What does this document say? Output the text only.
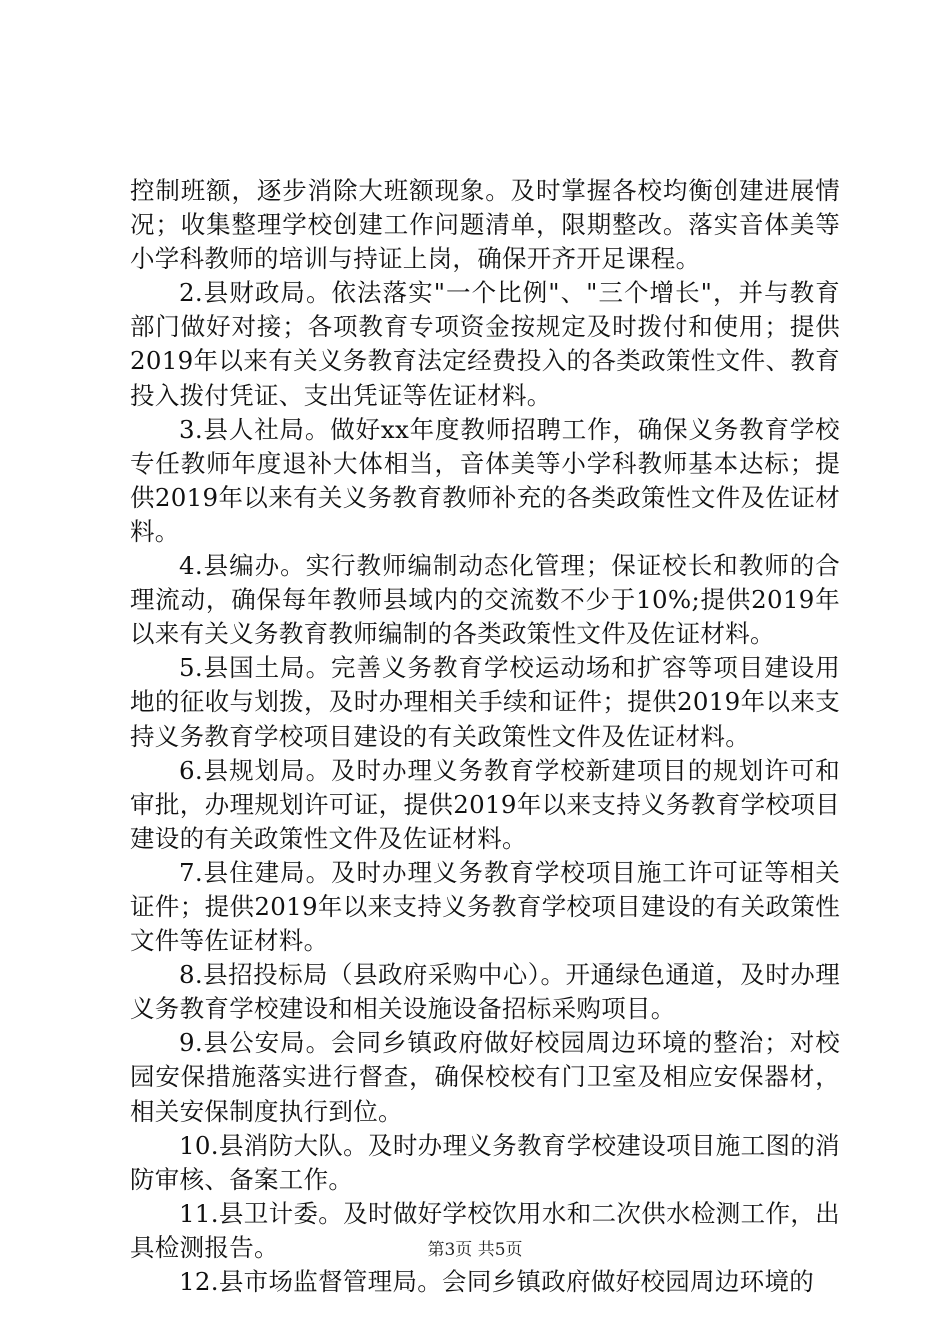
控制班额，逐步消除大班额现象。及时掌握各校均衡创建进展情况；收集整理学校创建工作问题清单，限期整改。落实音体美等小学科教师的培训与持证上岗，确保开齐开足课程。

2.县财政局。依法落实"一个比例"、"三个增长"，并与教育部门做好对接；各项教育专项资金按规定及时拨付和使用；提供2019年以来有关义务教育法定经费投入的各类政策性文件、教育投入拨付凭证、支出凭证等佐证材料。

3.县人社局。做好xx年度教师招聘工作，确保义务教育学校专任教师年度退补大体相当，音体美等小学科教师基本达标；提供2019年以来有关义务教育教师补充的各类政策性文件及佐证材料。

4.县编办。实行教师编制动态化管理；保证校长和教师的合理流动，确保每年教师县域内的交流数不少于10%;提供2019年以来有关义务教育教师编制的各类政策性文件及佐证材料。

5.县国土局。完善义务教育学校运动场和扩容等项目建设用地的征收与划拨，及时办理相关手续和证件；提供2019年以来支持义务教育学校项目建设的有关政策性文件及佐证材料。

6.县规划局。及时办理义务教育学校新建项目的规划许可和审批，办理规划许可证，提供2019年以来支持义务教育学校项目建设的有关政策性文件及佐证材料。

7.县住建局。及时办理义务教育学校项目施工许可证等相关证件；提供2019年以来支持义务教育学校项目建设的有关政策性文件等佐证材料。

8.县招投标局（县政府采购中心）。开通绿色通道，及时办理义务教育学校建设和相关设施设备招标采购项目。

9.县公安局。会同乡镇政府做好校园周边环境的整治；对校园安保措施落实进行督查，确保校校有门卫室及相应安保器材，相关安保制度执行到位。

10.县消防大队。及时办理义务教育学校建设项目施工图的消防审核、备案工作。

11.县卫计委。及时做好学校饮用水和二次供水检测工作，出具检测报告。

12.县市场监督管理局。会同乡镇政府做好校园周边环境的

第3页 共5页
